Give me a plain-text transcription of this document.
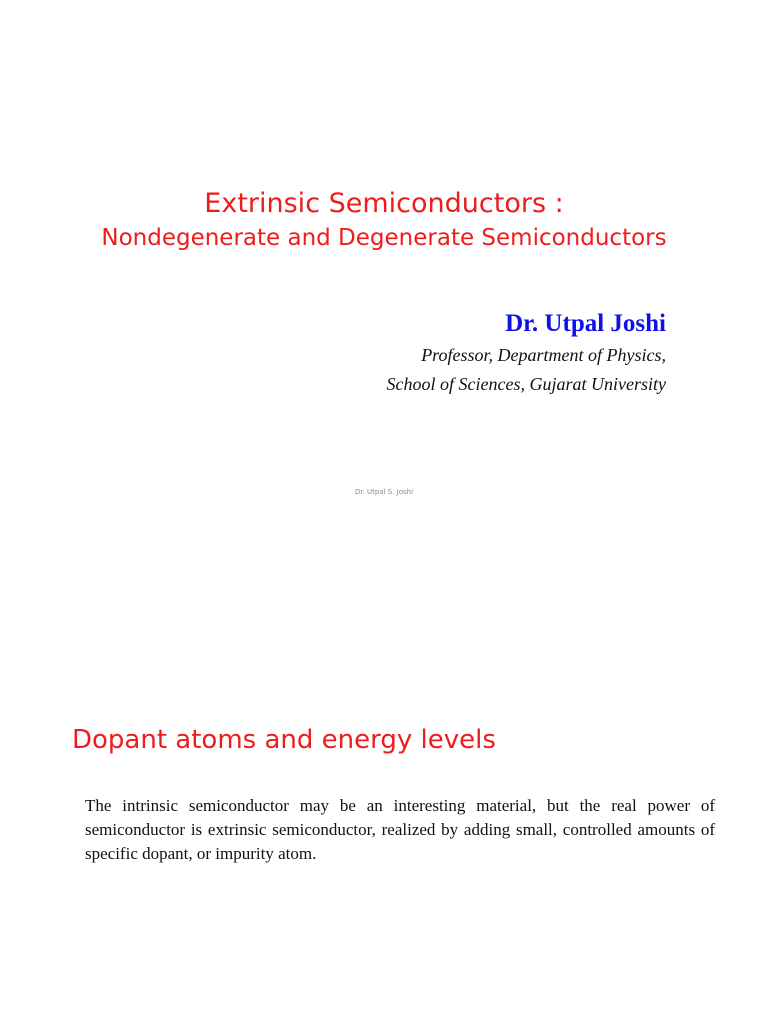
Extrinsic Semiconductors :
Nondegenerate and Degenerate Semiconductors

Dr. Utpal Joshi

Professor, Department of Physics,

School of Sciences, Gujarat University

Dr. Utpal S. Joshi
Dopant atoms and energy levels

The intrinsic semiconductor may be an interesting material, but the real power of semiconductor is extrinsic semiconductor, realized by adding small, controlled amounts of specific dopant, or impurity atom.
